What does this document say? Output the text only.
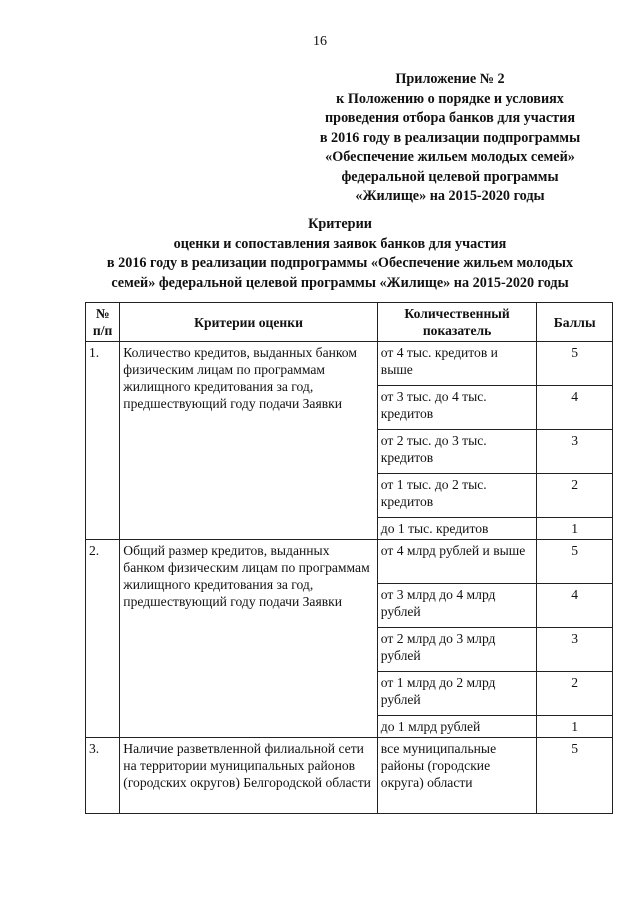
16
Приложение № 2
к Положению о порядке и условиях
проведения отбора банков для участия
в 2016 году в реализации подпрограммы
«Обеспечение жильем молодых семей»
федеральной целевой программы
«Жилище» на 2015-2020 годы
Критерии
оценки и сопоставления заявок банков для участия
в 2016 году в реализации подпрограммы «Обеспечение жильем молодых
семей» федеральной целевой программы «Жилище» на 2015-2020 годы
№ п/п	Критерии оценки	Количественный показатель	Баллы
1.	Количество кредитов, выданных банком физическим лицам по программам жилищного кредитования за год, предшествующий году подачи Заявки	от 4 тыс. кредитов и выше	5
		от 3 тыс. до 4 тыс. кредитов	4
		от 2 тыс. до 3 тыс. кредитов	3
		от 1 тыс. до 2 тыс. кредитов	2
		до 1 тыс. кредитов	1
2.	Общий размер кредитов, выданных банком физическим лицам по программам жилищного кредитования за год, предшествующий году подачи Заявки	от 4 млрд рублей и выше	5
		от 3 млрд до 4 млрд рублей	4
		от 2 млрд до 3 млрд рублей	3
		от 1 млрд до 2 млрд рублей	2
		до 1 млрд рублей	1
3.	Наличие разветвленной филиальной сети на территории муниципальных районов (городских округов) Белгородской области	все муниципальные районы (городские округа) области	5
